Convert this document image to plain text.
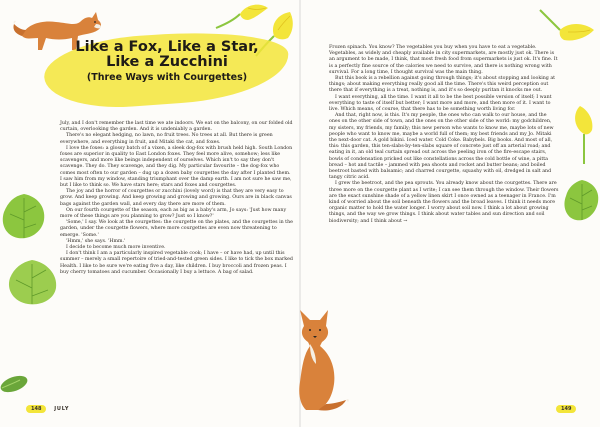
Like a Fox, Like a Star,

Like a Zucchini

(Three Ways with Courgettes)

July, and I don't remember the last time we ate indoors. We eat on the balcony, on our folded old curtain, overlooking the garden. And it is undeniably a garden.

There's no elegant hedging, no lawn, no fruit trees. No trees at all. But there is green everywhere, and everything in fruit, and Mitaki the cat, and foxes.

I love the foxes: a glossy batch of a vixen, a sleek dog-fox with brush held high. South London foxes are superior in quality to East London foxes. They feel more alive, somehow; less like scavengers, and more like beings independent of ourselves. Which isn't to say they don't scavenge. They do. They scavenge, and they dig. My particular favourite – the dog-fox who comes most often to our garden – dug up a dozen baby courgettes the day after I planted them. I saw him from my window, standing triumphant over the damp earth. I am not sure he saw me, but I like to think so. We have stars here; stars and foxes and courgettes.

The joy and the horror of courgettes or zucchini (lovely word) is that they are very easy to grow. And keep growing. And keep growing and growing and growing. Ours are in black canvas bags against the garden wall, and every day there are more of them.

On our fourth courgette of the season, each as big as a baby's arm, Jo says: 'Just how many more of these things are you planning to grow? Just so I know?'

'Some,' I say. We look at the courgettes: the courgette on the plates, and the courgettes in the garden, under the courgette flowers, where more courgettes are even now threatening to emerge. 'Some.'

'Hmm,' she says. 'Hmm.'

I decide to become much more inventive.

I don't think I am a particularly inspired vegetable cook; I have – or have had, up until this summer – merely a small repertoire of tried-and-tested green sides. I like to tick the box marked Health. I like to be sure we're eating five a day, like children. I buy broccoli and frozen peas. I buy cherry tomatoes and cucumber. Occasionally I buy a lettuce. A bag of salad.

Frozen spinach. You know? The vegetables you buy when you have to eat a vegetable. Vegetables, as widely and cheaply available in city supermarkets, are mostly just ok. There is an argument to be made, I think, that most fresh food from supermarkets is just ok. It's fine. It is a perfectly fine source of the calories we need to survive, and there is nothing wrong with survival. For a long time, I thought survival was the main thing.

But this book is a rebellion against going through things; it's about stopping and looking at things; about making everything really good all the time. There's this weird perception out there that if everything is a treat, nothing is, and it's so deeply puritan it knocks me out.

I want everything, all the time. I want it all to be the best possible version of itself; I want everything to taste of itself but better; I want more and more, and then more of it. I want to live. Which means, of course, that there has to be something worth living for.

And that, right now, is this. It's my people, the ones who can walk to our house, and the ones on the other side of town, and the ones on the other side of the world: my godchildren, my sisters, my friends, my family; this new person who wants to know me, maybe lots of new people who want to know me, maybe a world full of them; my best friends and my Jo. Mitaki the next-door cat. A gold bikini. Iced water. Cold Coke. Babybels. Big books. And most of all, this: this garden, this ten-slabs-by-ten-slabs square of concrete just off an arterial road; and eating in it, an old teal curtain spread out across the peeling iron of the fire-escape stairs, bowls of condensation pricked out like constellations across the cold bottle of wine, a pitta bread – hot and tactile – jammed with pea shoots and rocket and butter beans; and boiled beetroot basted with balsamic; and charred courgette, squashy with oil, dredged in salt and tangy citric acid.

I grew the beetroot, and the pea sprouts. You already know about the courgettes. There are three more on the courgette plant as I write; I can see them through the window. Their flowers are the exact sunshine shade of a yellow linen skirt I once owned as a teenager in France. I'm kind of worried about the soil beneath the flowers and the broad leaves. I think it needs more organic matter to hold the water longer. I worry about soil now. I think a lot about growing things, and the way we grow things. I think about water tables and sun direction and soil biodiversity; and I think about →

148	JULY	149
